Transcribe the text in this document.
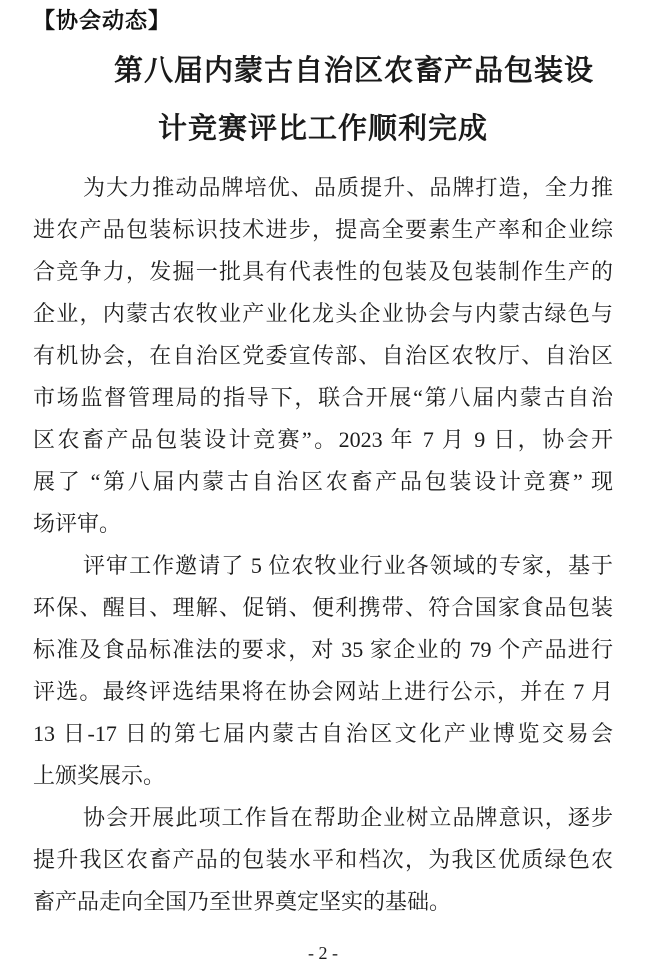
【协会动态】
第八届内蒙古自治区农畜产品包装设
计竞赛评比工作顺利完成
为大力推动品牌培优、品质提升、品牌打造，全力推
进农产品包装标识技术进步，提高全要素生产率和企业综
合竞争力，发掘一批具有代表性的包装及包装制作生产的
企业，内蒙古农牧业产业化龙头企业协会与内蒙古绿色与
有机协会，在自治区党委宣传部、自治区农牧厅、自治区
市场监督管理局的指导下，联合开展“第八届内蒙古自治
区农畜产品包装设计竞赛”。2023 年 7 月 9 日，协会开
展了 “第八届内蒙古自治区农畜产品包装设计竞赛” 现
场评审。
评审工作邀请了 5 位农牧业行业各领域的专家，基于
环保、醒目、理解、促销、便利携带、符合国家食品包装
标准及食品标准法的要求，对 35 家企业的 79 个产品进行
评选。最终评选结果将在协会网站上进行公示，并在 7 月
13 日-17 日的第七届内蒙古自治区文化产业博览交易会
上颁奖展示。
协会开展此项工作旨在帮助企业树立品牌意识，逐步
提升我区农畜产品的包装水平和档次，为我区优质绿色农
畜产品走向全国乃至世界奠定坚实的基础。
- 2 -
